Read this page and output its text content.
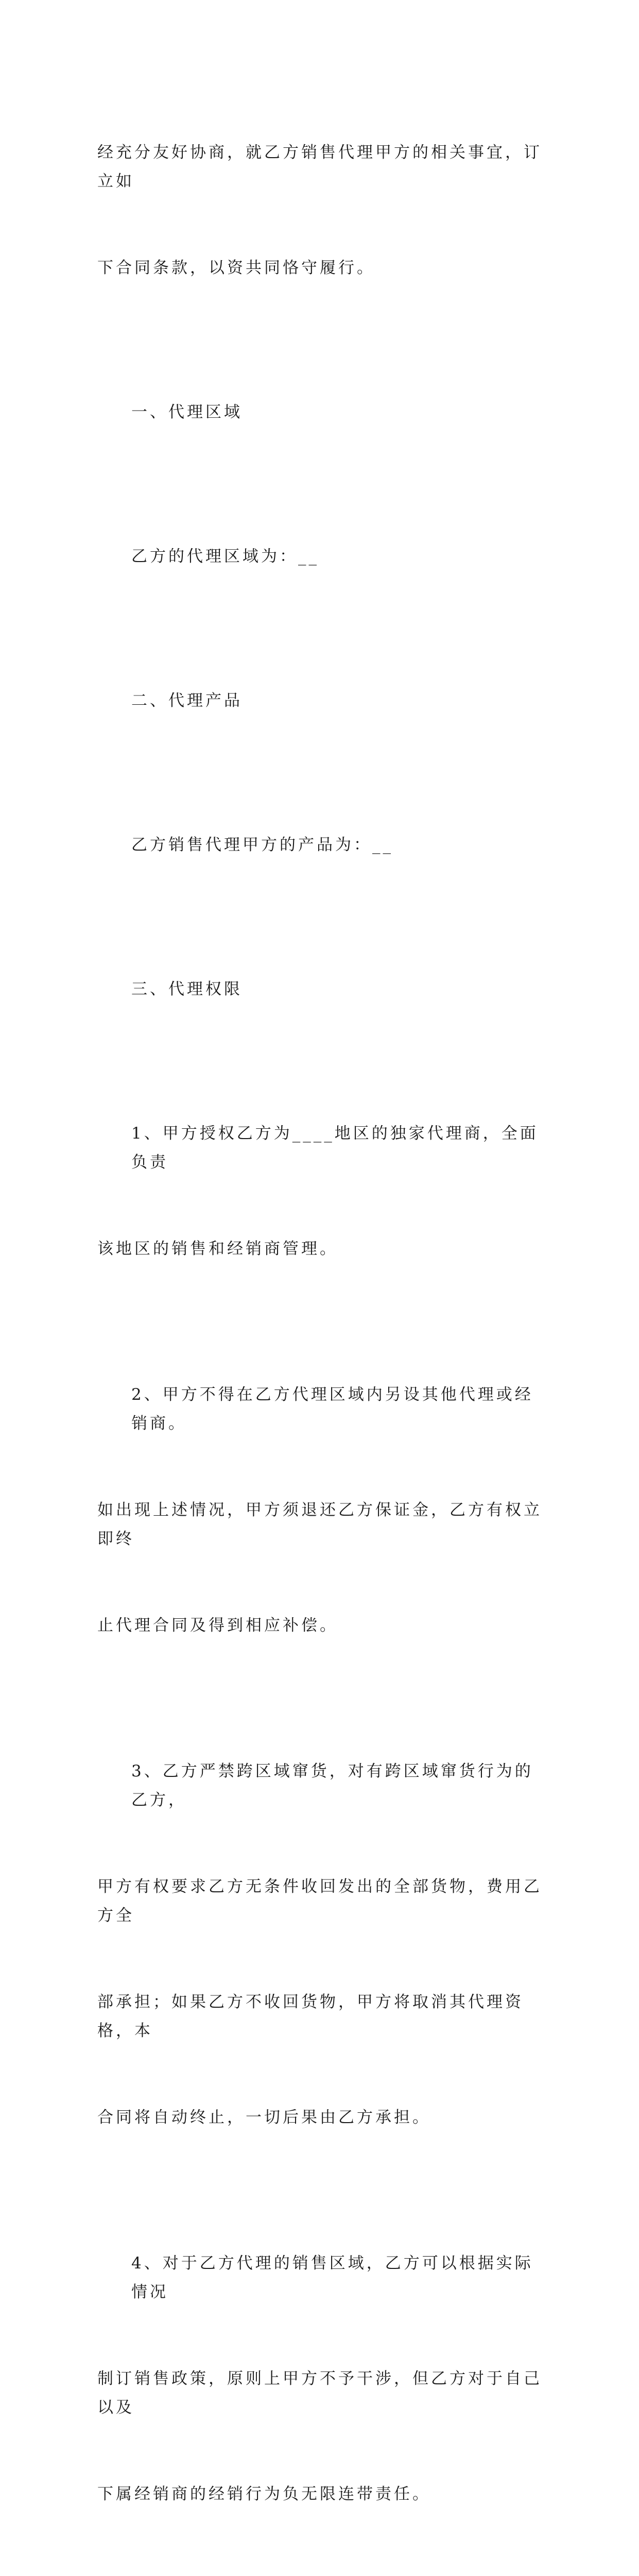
经充分友好协商，就乙方销售代理甲方的相关事宜，订立如

下合同条款，以资共同恪守履行。

一、代理区域

乙方的代理区域为：__

二、代理产品

乙方销售代理甲方的产品为：__

三、代理权限

1、甲方授权乙方为____地区的独家代理商，全面负责

该地区的销售和经销商管理。

2、甲方不得在乙方代理区域内另设其他代理或经销商。

如出现上述情况，甲方须退还乙方保证金，乙方有权立即终

止代理合同及得到相应补偿。

3、乙方严禁跨区域窜货，对有跨区域窜货行为的乙方，

甲方有权要求乙方无条件收回发出的全部货物，费用乙方全

部承担；如果乙方不收回货物，甲方将取消其代理资格，本

合同将自动终止，一切后果由乙方承担。

4、对于乙方代理的销售区域，乙方可以根据实际情况

制订销售政策，原则上甲方不予干涉，但乙方对于自己以及

下属经销商的经销行为负无限连带责任。
